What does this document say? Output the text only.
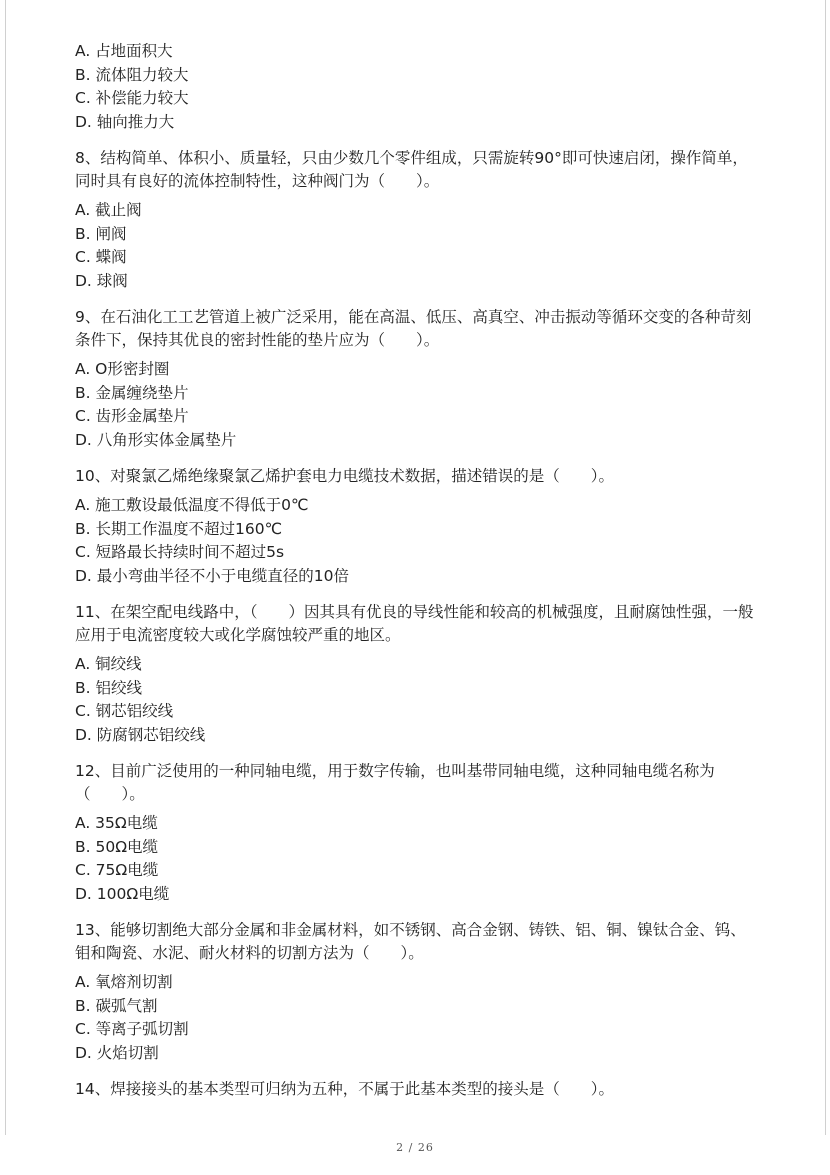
A. 占地面积大
B. 流体阻力较大
C. 补偿能力较大
D. 轴向推力大

8、结构简单、体积小、质量轻，只由少数几个零件组成，只需旋转90°即可快速启闭，操作简单，同时具有良好的流体控制特性，这种阀门为（　　）。

A. 截止阀
B. 闸阀
C. 蝶阀
D. 球阀

9、在石油化工工艺管道上被广泛采用，能在高温、低压、高真空、冲击振动等循环交变的各种苛刻条件下，保持其优良的密封性能的垫片应为（　　）。

A. O形密封圈
B. 金属缠绕垫片
C. 齿形金属垫片
D. 八角形实体金属垫片

10、对聚氯乙烯绝缘聚氯乙烯护套电力电缆技术数据，描述错误的是（　　）。

A. 施工敷设最低温度不得低于0℃
B. 长期工作温度不超过160℃
C. 短路最长持续时间不超过5s
D. 最小弯曲半径不小于电缆直径的10倍

11、在架空配电线路中，（　　）因其具有优良的导线性能和较高的机械强度，且耐腐蚀性强，一般应用于电流密度较大或化学腐蚀较严重的地区。

A. 铜绞线
B. 铝绞线
C. 钢芯铝绞线
D. 防腐钢芯铝绞线

12、目前广泛使用的一种同轴电缆，用于数字传输，也叫基带同轴电缆，这种同轴电缆名称为（　　）。

A. 35Ω电缆
B. 50Ω电缆
C. 75Ω电缆
D. 100Ω电缆

13、能够切割绝大部分金属和非金属材料，如不锈钢、高合金钢、铸铁、铝、铜、镍钛合金、钨、钼和陶瓷、水泥、耐火材料的切割方法为（　　）。

A. 氧熔剂切割
B. 碳弧气割
C. 等离子弧切割
D. 火焰切割

14、焊接接头的基本类型可归纳为五种，不属于此基本类型的接头是（　　）。

2 / 26
